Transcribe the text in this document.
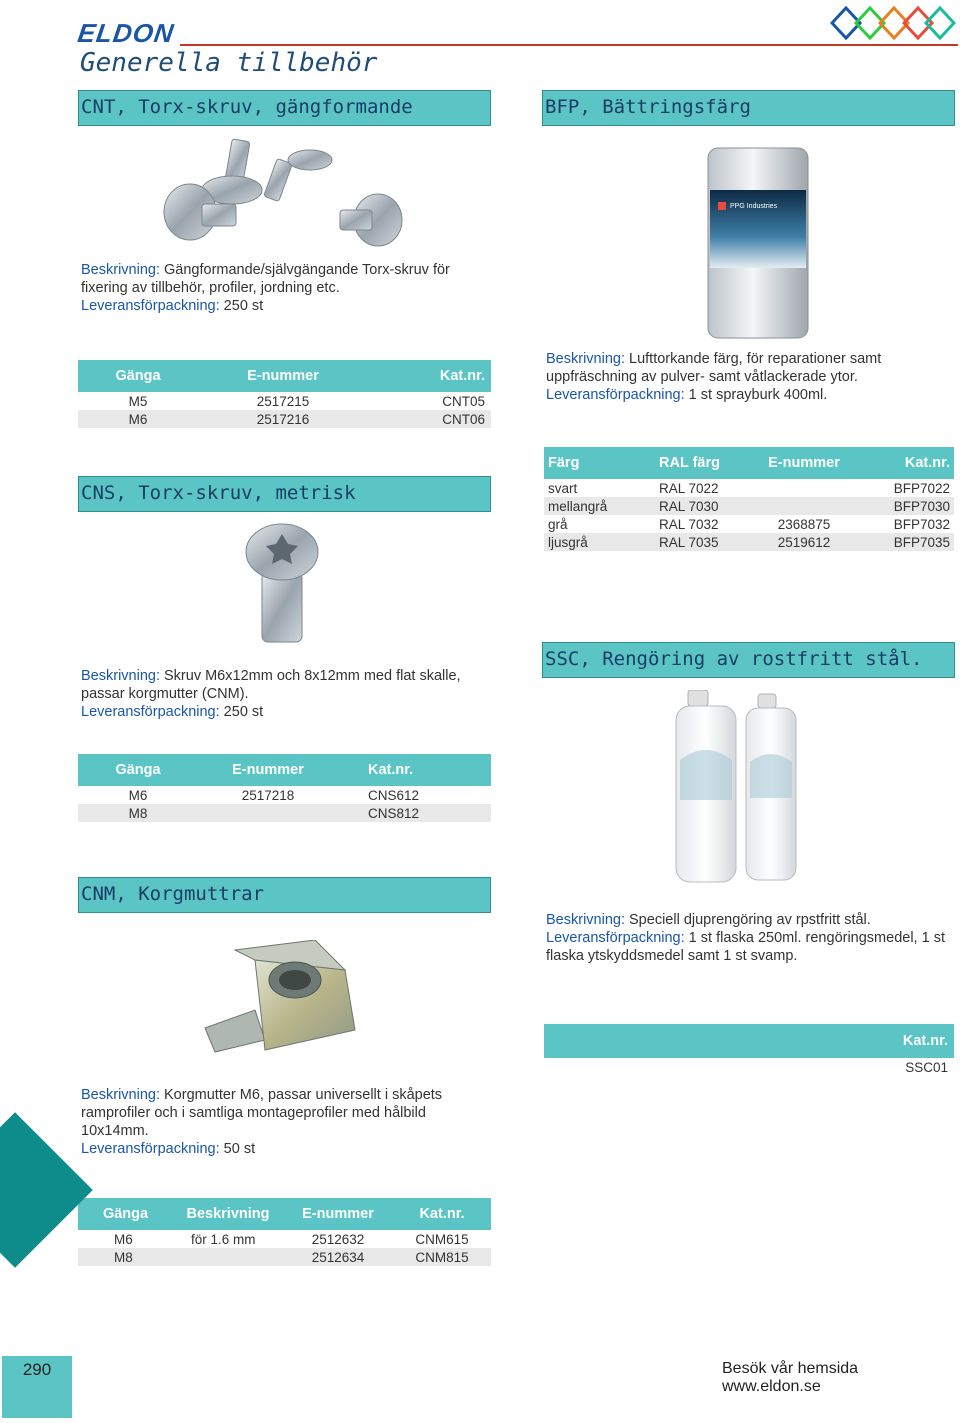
ELDON
Generella tillbehör
CNT, Torx-skruv, gängformande
Beskrivning: Gängformande/självgängande Torx-skruv för fixering av tillbehör, profiler, jordning etc.
Leveransförpackning: 250 st
Gänga	E-nummer	Kat.nr.
M5	2517215	CNT05
M6	2517216	CNT06
CNS, Torx-skruv, metrisk
Beskrivning: Skruv M6x12mm och 8x12mm med flat skalle, passar korgmutter (CNM).
Leveransförpackning: 250 st
Gänga	E-nummer	Kat.nr.
M6	2517218	CNS612
M8		CNS812
CNM, Korgmuttrar
Beskrivning: Korgmutter M6, passar universellt i skåpets ramprofiler och i samtliga montageprofiler med hålbild 10x14mm.
Leveransförpackning: 50 st
Gänga	Beskrivning	E-nummer	Kat.nr.
M6	för 1.6 mm	2512632	CNM615
M8		2512634	CNM815
BFP, Bättringsfärg
PPG Industries
Beskrivning: Lufttorkande färg, för reparationer samt uppfräschning av pulver- samt våtlackerade ytor.
Leveransförpackning: 1 st sprayburk 400ml.
Färg	RAL färg	E-nummer	Kat.nr.
svart	RAL 7022		BFP7022
mellangrå	RAL 7030		BFP7030
grå	RAL 7032	2368875	BFP7032
ljusgrå	RAL 7035	2519612	BFP7035
SSC, Rengöring av rostfritt stål.
Beskrivning: Speciell djuprengöring av rpstfritt stål.
Leveransförpackning: 1 st flaska 250ml. rengöringsmedel, 1 st flaska ytskyddsmedel samt 1 st svamp.
Kat.nr.
SSC01
290	Besök vår hemsida www.eldon.se
